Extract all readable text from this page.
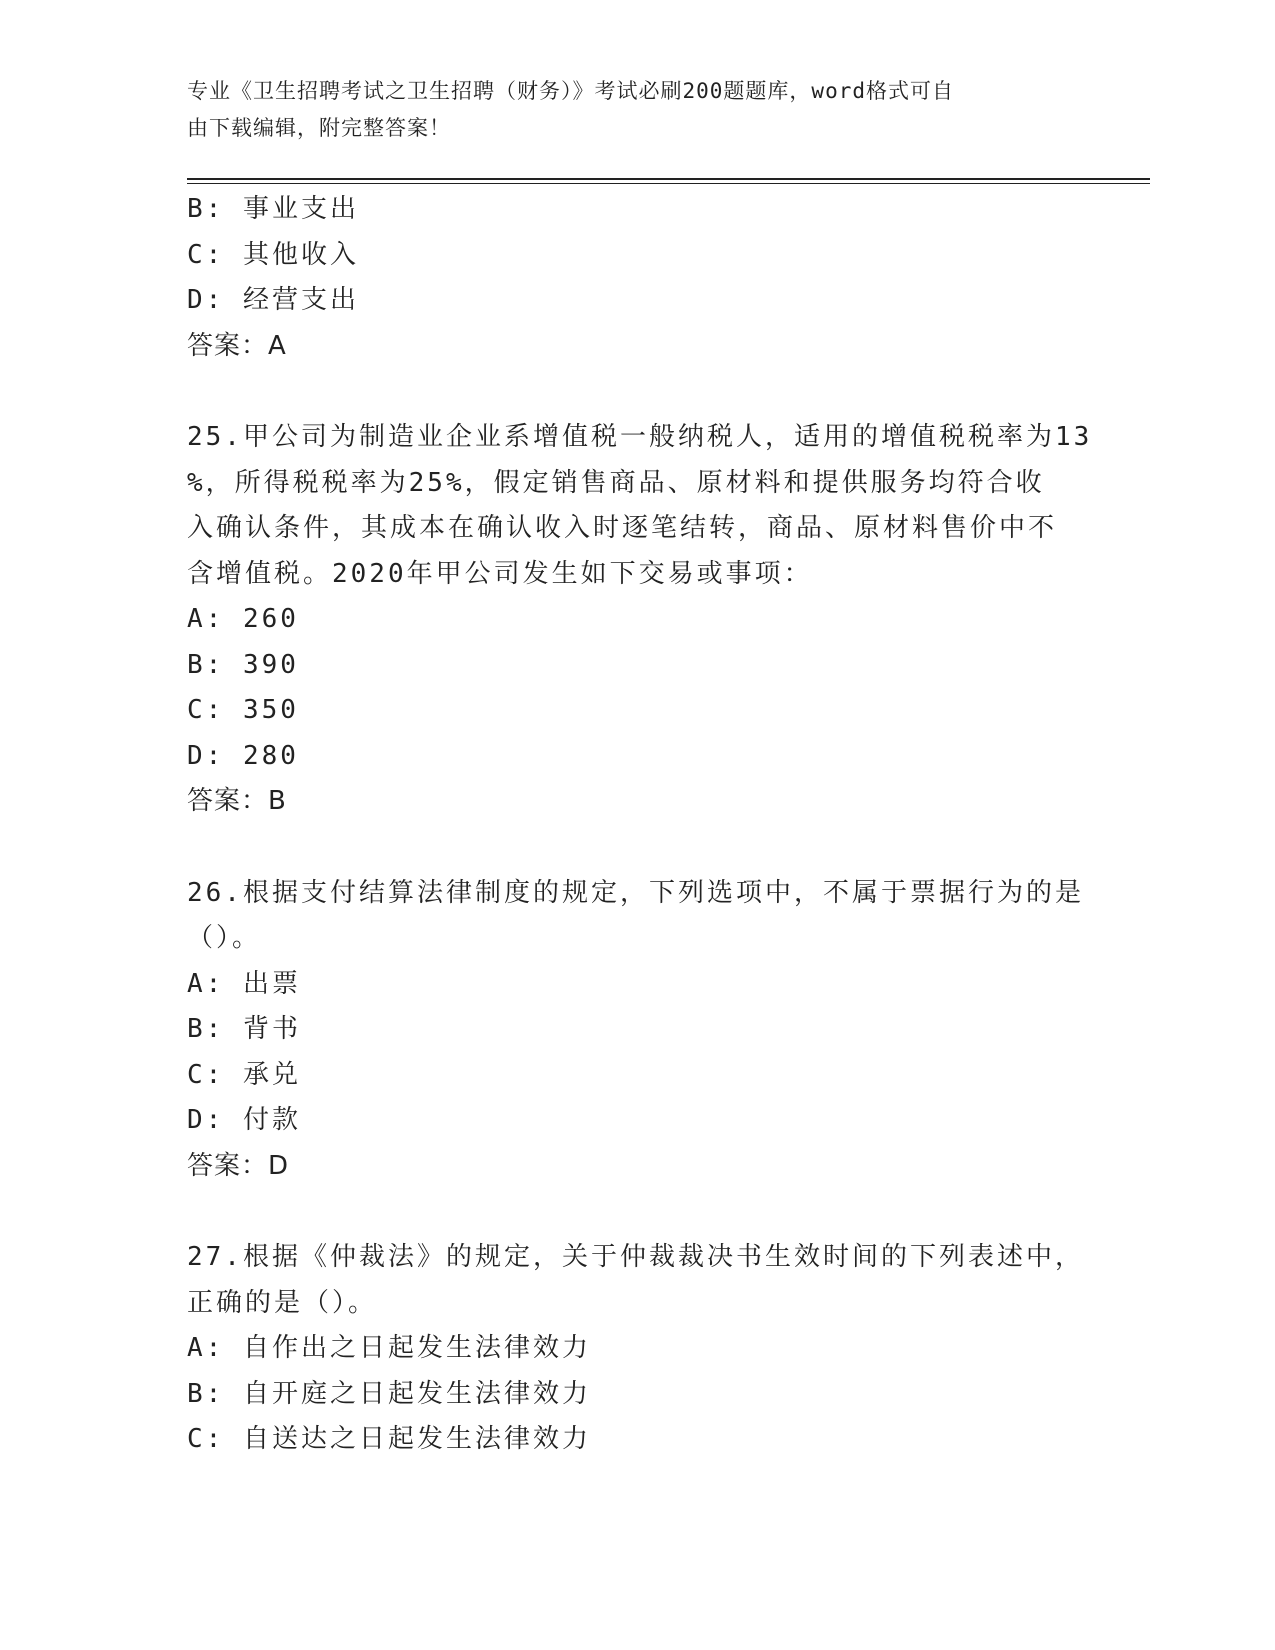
专业《卫生招聘考试之卫生招聘（财务）》考试必刷200题题库，word格式可自
由下载编辑，附完整答案！
B: 事业支出
C: 其他收入
D: 经营支出
答案：A
25.甲公司为制造业企业系增值税一般纳税人，适用的增值税税率为13
%，所得税税率为25%，假定销售商品、原材料和提供服务均符合收
入确认条件，其成本在确认收入时逐笔结转，商品、原材料售价中不
含增值税。2020年甲公司发生如下交易或事项：
A: 260
B: 390
C: 350
D: 280
答案：B
26.根据支付结算法律制度的规定，下列选项中，不属于票据行为的是
（）。
A: 出票
B: 背书
C: 承兑
D: 付款
答案：D
27.根据《仲裁法》的规定，关于仲裁裁决书生效时间的下列表述中，
正确的是（）。
A: 自作出之日起发生法律效力
B: 自开庭之日起发生法律效力
C: 自送达之日起发生法律效力
